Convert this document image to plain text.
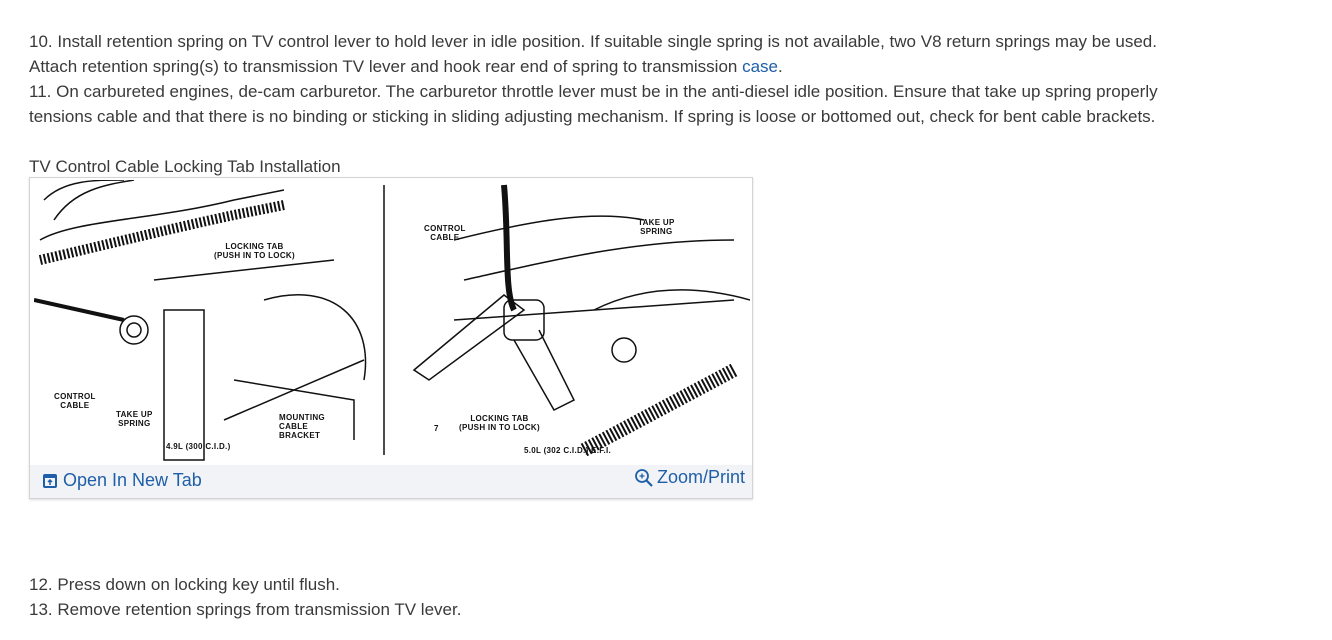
10. Install retention spring on TV control lever to hold lever in idle position. If suitable single spring is not available, two V8 return springs may be used.
Attach retention spring(s) to transmission TV lever and hook rear end of spring to transmission case.
11. On carbureted engines, de-cam carburetor. The carburetor throttle lever must be in the anti-diesel idle position. Ensure that take up spring properly
tensions cable and that there is no binding or sticking in sliding adjusting mechanism. If spring is loose or bottomed out, check for bent cable brackets.
TV Control Cable Locking Tab Installation
LOCKING TAB
(PUSH IN TO LOCK)
CONTROL
CABLE
TAKE UP
SPRING
MOUNTING
CABLE
BRACKET
4.9L (300 C.I.D.)
CONTROL
CABLE
TAKE UP
SPRING
LOCKING TAB
(PUSH IN TO LOCK)
5.0L (302 C.I.D.) E.F.I.
7
Open In New Tab	Zoom/Print
12. Press down on locking key until flush.
13. Remove retention springs from transmission TV lever.
